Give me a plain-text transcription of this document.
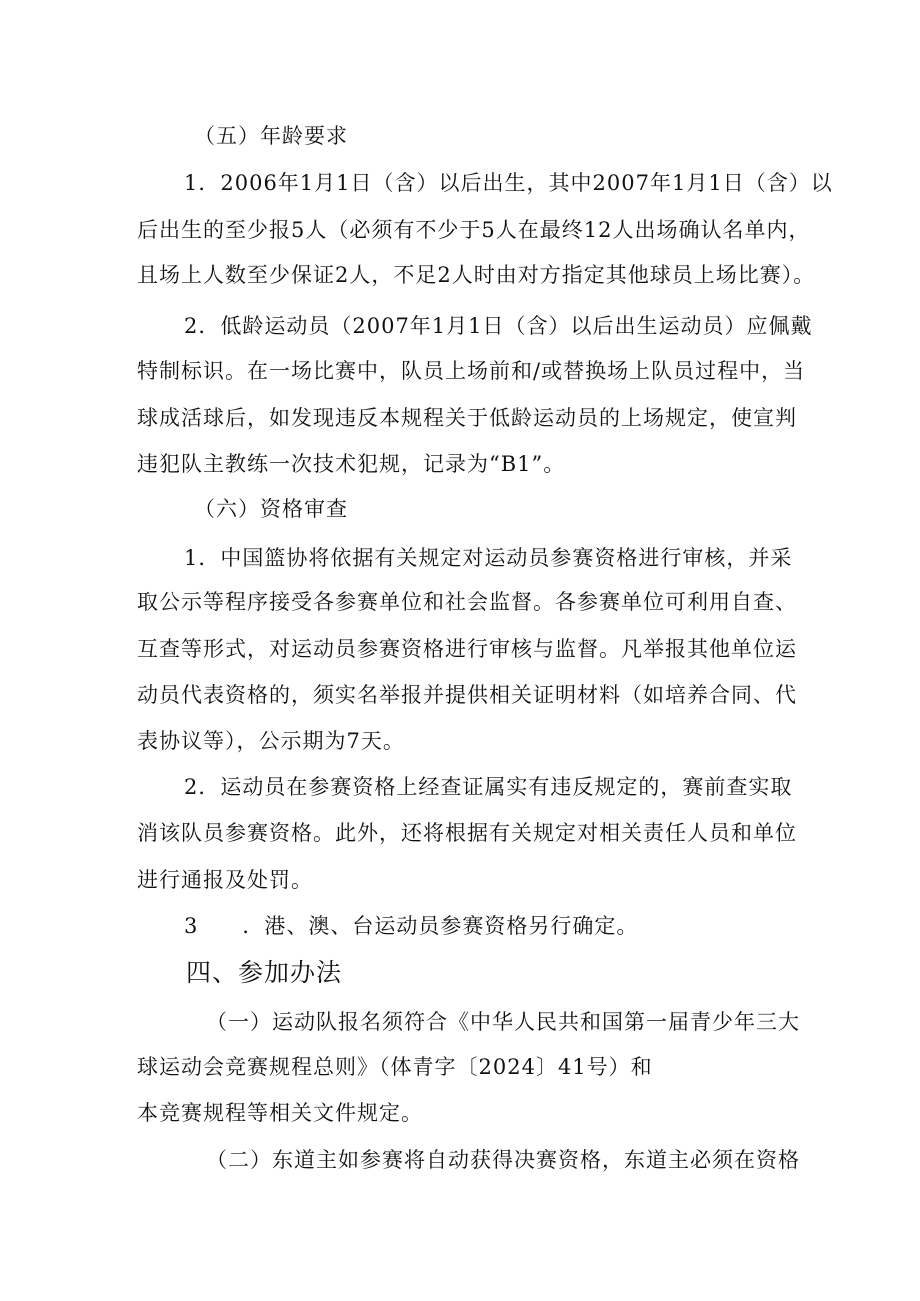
（五）年龄要求
1．2006年1月1日（含）以后出生，其中2007年1月1日（含）以
后出生的至少报5人（必须有不少于5人在最终12人出场确认名单内，
且场上人数至少保证2人，不足2人时由对方指定其他球员上场比赛）。
2．低龄运动员（2007年1月1日（含）以后出生运动员）应佩戴
特制标识。在一场比赛中，队员上场前和/或替换场上队员过程中，当
球成活球后，如发现违反本规程关于低龄运动员的上场规定，使宣判
违犯队主教练一次技术犯规，记录为“B1”。
（六）资格审查
1．中国篮协将依据有关规定对运动员参赛资格进行审核，并采
取公示等程序接受各参赛单位和社会监督。各参赛单位可利用自查、
互查等形式，对运动员参赛资格进行审核与监督。凡举报其他单位运
动员代表资格的，须实名举报并提供相关证明材料（如培养合同、代
表协议等），公示期为7天。
2．运动员在参赛资格上经查证属实有违反规定的，赛前查实取
消该队员参赛资格。此外，还将根据有关规定对相关责任人员和单位
进行通报及处罚。
3　　．港、澳、台运动员参赛资格另行确定。
四、参加办法
（一）运动队报名须符合《中华人民共和国第一届青少年三大
球运动会竞赛规程总则》（体青字〔2024〕41号）和
本竞赛规程等相关文件规定。
（二）东道主如参赛将自动获得决赛资格，东道主必须在资格
